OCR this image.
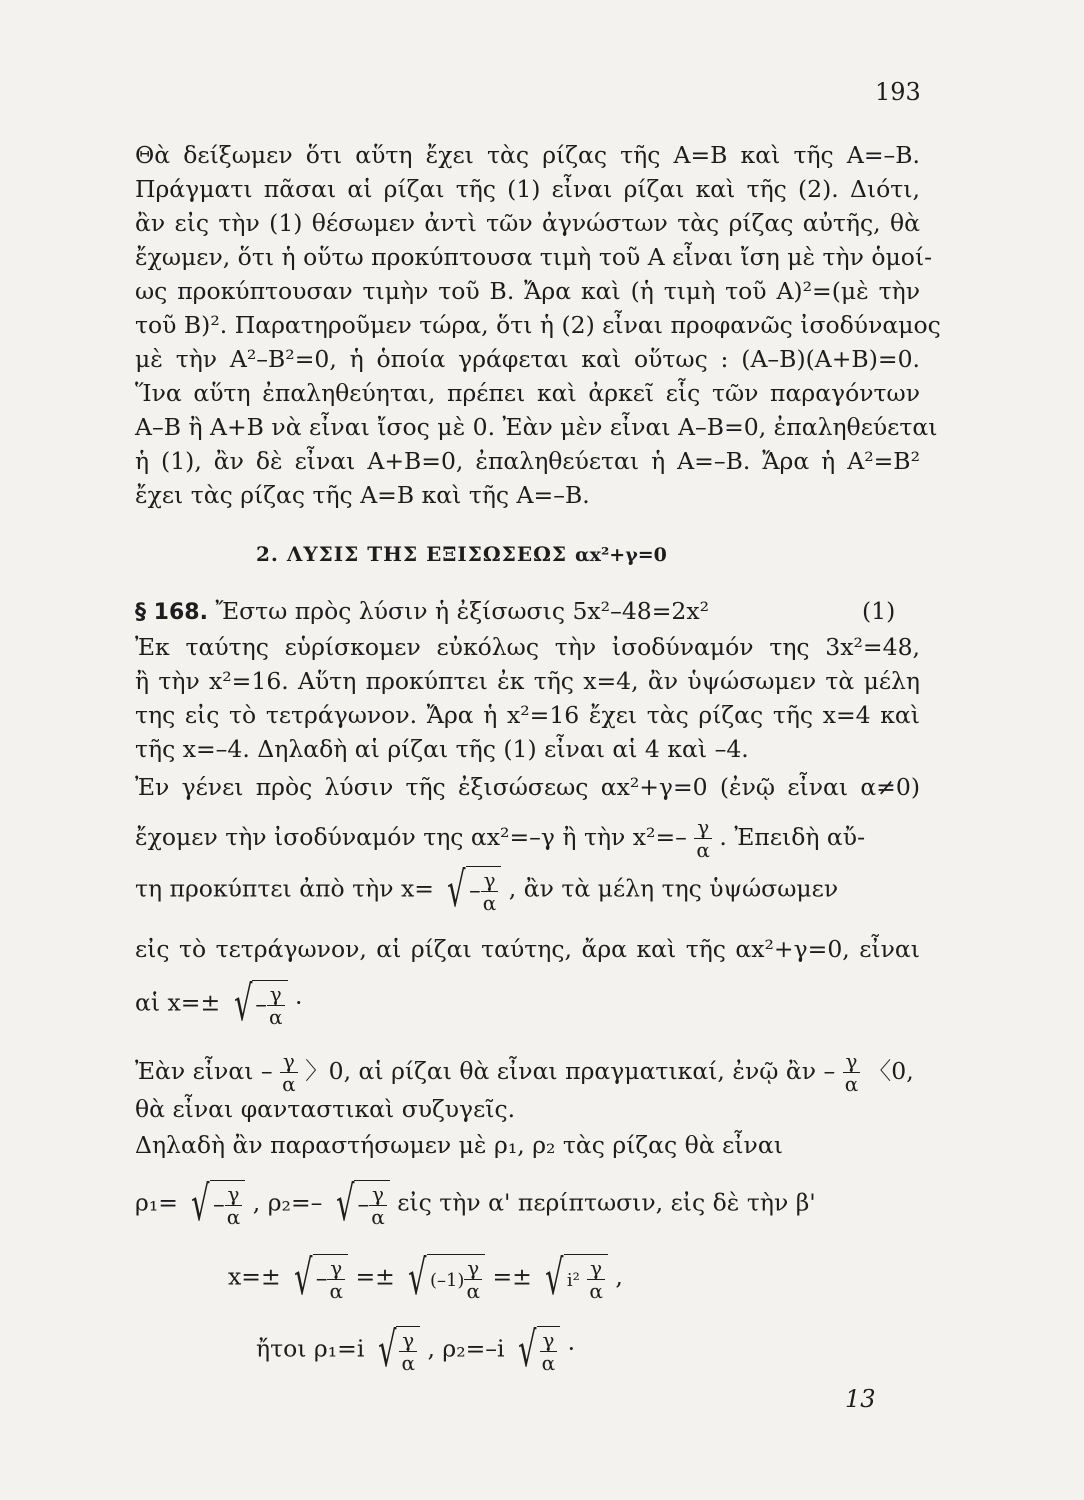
193
Θὰ δείξωμεν ὅτι αὕτη ἔχει τὰς ρίζας τῆς Α=Β καὶ τῆς Α=–Β.
Πράγματι πᾶσαι αἱ ρίζαι τῆς (1) εἶναι ρίζαι καὶ τῆς (2). Διότι,
ἂν εἰς τὴν (1) θέσωμεν ἀντὶ τῶν ἀγνώστων τὰς ρίζας αὐτῆς, θὰ
ἔχωμεν, ὅτι ἡ οὕτω προκύπτουσα τιμὴ τοῦ Α εἶναι ἴση μὲ τὴν ὁμοί-
ως προκύπτουσαν τιμὴν τοῦ Β. Ἄρα καὶ (ἡ τιμὴ τοῦ Α)²=(μὲ τὴν
τοῦ Β)². Παρατηροῦμεν τώρα, ὅτι ἡ (2) εἶναι προφανῶς ἰσοδύναμος
μὲ τὴν Α²–Β²=0, ἡ ὁποία γράφεται καὶ οὕτως : (Α–Β)(Α+Β)=0.
Ἵνα αὕτη ἐπαληθεύηται, πρέπει καὶ ἀρκεῖ εἷς τῶν παραγόντων
Α–Β ἢ Α+Β νὰ εἶναι ἴσος μὲ 0. Ἐὰν μὲν εἶναι Α–Β=0, ἐπαληθεύεται
ἡ (1), ἂν δὲ εἶναι Α+Β=0, ἐπαληθεύεται ἡ Α=–Β. Ἄρα ἡ Α²=Β²
ἔχει τὰς ρίζας τῆς Α=Β καὶ τῆς Α=–Β.
2. ΛΥΣΙΣ ΤΗΣ ΕΞΙΣΩΣΕΩΣ αx²+γ=0
§ 168. Ἔστω πρὸς λύσιν ἡ ἐξίσωσις 5x²–48=2x²	(1)
Ἐκ ταύτης εὑρίσκομεν εὐκόλως τὴν ἰσοδύναμόν της 3x²=48,
ἢ τὴν x²=16. Αὕτη προκύπτει ἐκ τῆς x=4, ἂν ὑψώσωμεν τὰ μέλη
της εἰς τὸ τετράγωνον. Ἄρα ἡ x²=16 ἔχει τὰς ρίζας τῆς x=4 καὶ
τῆς x=–4. Δηλαδὴ αἱ ρίζαι τῆς (1) εἶναι αἱ 4 καὶ –4.
Ἐν γένει πρὸς λύσιν τῆς ἐξισώσεως αx²+γ=0 (ἐνῷ εἶναι α≠0)
ἔχομεν τὴν ἰσοδύναμόν της αx²=–γ ἢ τὴν $x^2=- \frac{\gamma}{\alpha}$ . Ἐπειδὴ αὔ-
τη προκύπτει ἀπὸ τὴν x= √ – $\frac{\gamma}{\alpha}$ , ἂν τὰ μέλη της ὑψώσωμεν
εἰς τὸ τετράγωνον, αἱ ρίζαι ταύτης, ἄρα καὶ τῆς αx²+γ=0, εἶναι
αἱ x=± √ – $\frac{\gamma}{\alpha}$ ·
Ἐὰν εἶναι – $\frac{\gamma}{\alpha}$ 〉0, αἱ ρίζαι θὰ εἶναι πραγματικαί, ἐνῷ ἂν – $\frac{\gamma}{\alpha}$ 〈0,
θὰ εἶναι φανταστικαὶ συζυγεῖς.
Δηλαδὴ ἂν παραστήσωμεν μὲ ρ₁, ρ₂ τὰς ρίζας θὰ εἶναι
ρ₁= √ – $\frac{\gamma}{\alpha}$ , ρ₂=– √ – $\frac{\gamma}{\alpha}$ εἰς τὴν α' περίπτωσιν, εἰς δὲ τὴν β'
x=± √ – $\frac{\gamma}{\alpha}$ =± √ $(-1) \frac{\gamma}{\alpha}$ =± √ $i^2 \frac{\gamma}{\alpha}$ ,
ἤτοι ρ₁=i √ $\frac{\gamma}{\alpha}$ , ρ₂=–i √ $\frac{\gamma}{\alpha}$ ·
13
